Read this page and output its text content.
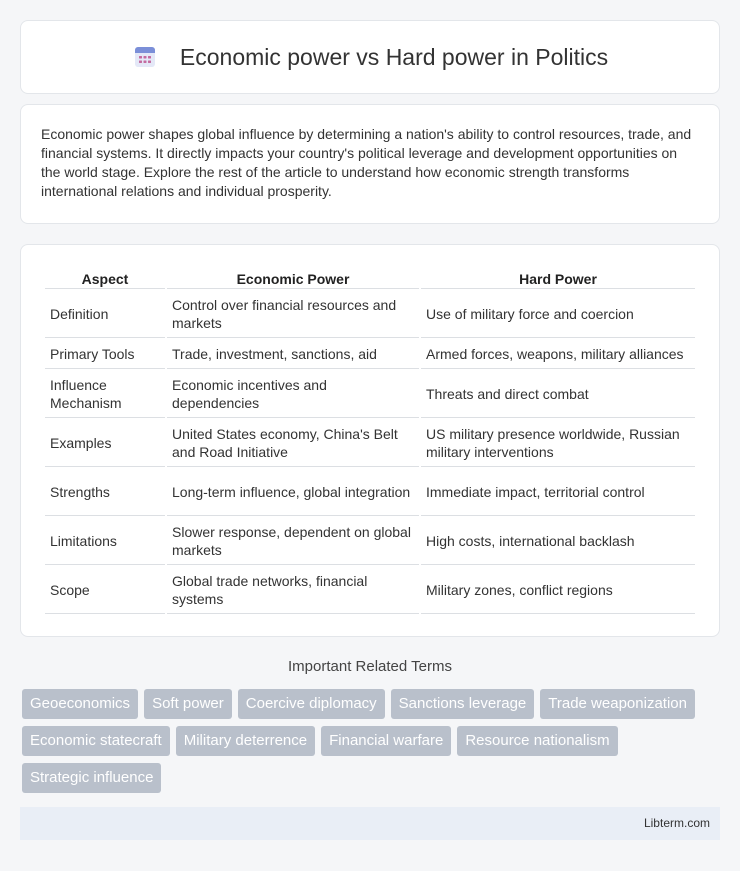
Economic power vs Hard power in Politics

Economic power shapes global influence by determining a nation's ability to control resources, trade, and financial systems. It directly impacts your country's political leverage and development opportunities on the world stage. Explore the rest of the article to understand how economic strength transforms international relations and individual prosperity.

Aspect	Economic Power	Hard Power
Definition	Control over financial resources and markets	Use of military force and coercion
Primary Tools	Trade, investment, sanctions, aid	Armed forces, weapons, military alliances
Influence Mechanism	Economic incentives and dependencies	Threats and direct combat
Examples	United States economy, China's Belt and Road Initiative	US military presence worldwide, Russian military interventions
Strengths	Long-term influence, global integration	Immediate impact, territorial control
Limitations	Slower response, dependent on global markets	High costs, international backlash
Scope	Global trade networks, financial systems	Military zones, conflict regions
Important Related Terms
Geoeconomics	Soft power	Coercive diplomacy	Sanctions leverage	Trade weaponization
Economic statecraft	Military deterrence	Financial warfare	Resource nationalism
Strategic influence
Libterm.com
